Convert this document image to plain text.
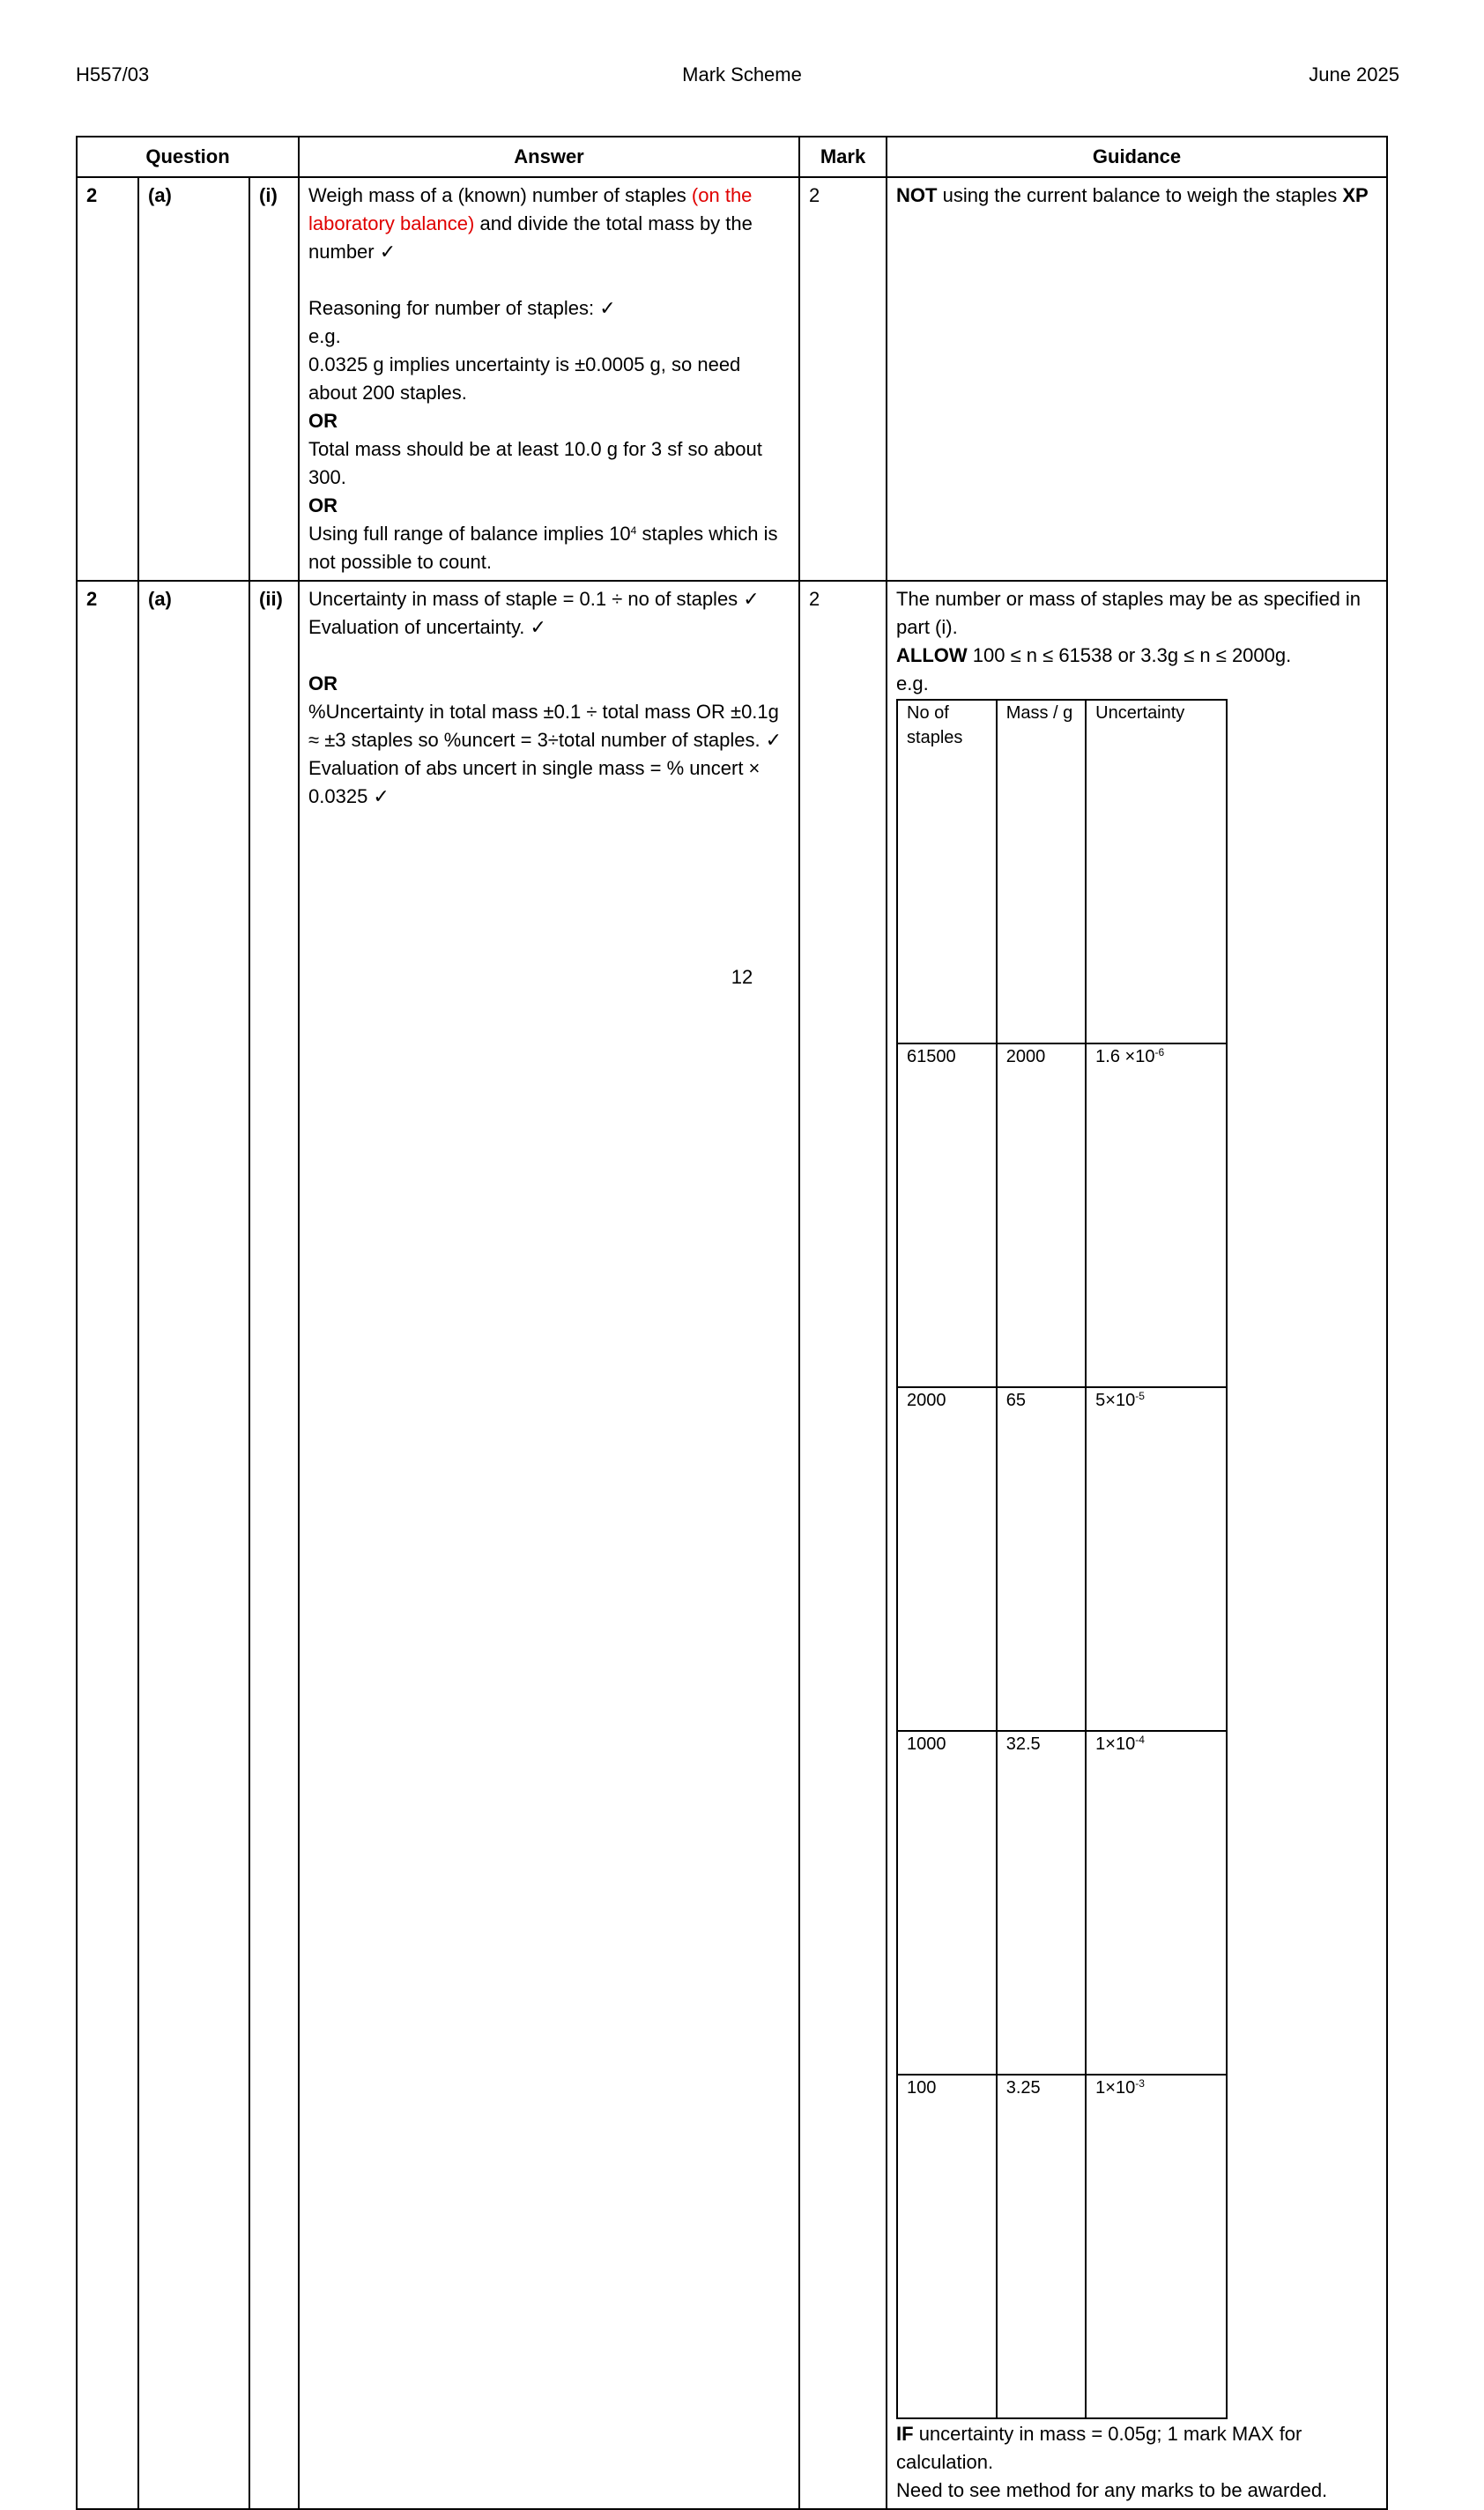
H557/03	Mark Scheme	June 2025
Question	Answer	Mark	Guidance
2	(a)	(i)	Weigh mass of a (known) number of staples (on the laboratory balance) and divide the total mass by the number ✓
Reasoning for number of staples: ✓
e.g.
0.0325 g implies uncertainty is ±0.0005 g, so need about 200 staples.
OR
Total mass should be at least 10.0 g for 3 sf so about 300.
OR
Using full range of balance implies $10^4$ staples which is not possible to count.
	2	NOT using the current balance to weigh the staples XP
2	(a)	(ii)	Uncertainty in mass of staple = 0.1 ÷ no of staples ✓
Evaluation of uncertainty. ✓
OR
%Uncertainty in total mass ±0.1 ÷ total mass OR ±0.1g ≈ ±3 staples so %uncert = 3÷total number of staples. ✓
Evaluation of abs uncert in single mass = % uncert × 0.0325 ✓
	2	The number or mass of staples may be as specified in part (i).
ALLOW 100 ≤ n ≤ 61538 or 3.3g ≤ n ≤ 2000g.
e.g.
No of staples	Mass / g	Uncertainty
61500	2000	$1.6 \times 10^{-6}$
2000	65	$5\times 10^{-5}$
1000	32.5	$1\times 10^{-4}$
100	3.25	$1\times 10^{-3}$
IF uncertainty in mass = 0.05g; 1 mark MAX for calculation.
Need to see method for any marks to be awarded.
12
